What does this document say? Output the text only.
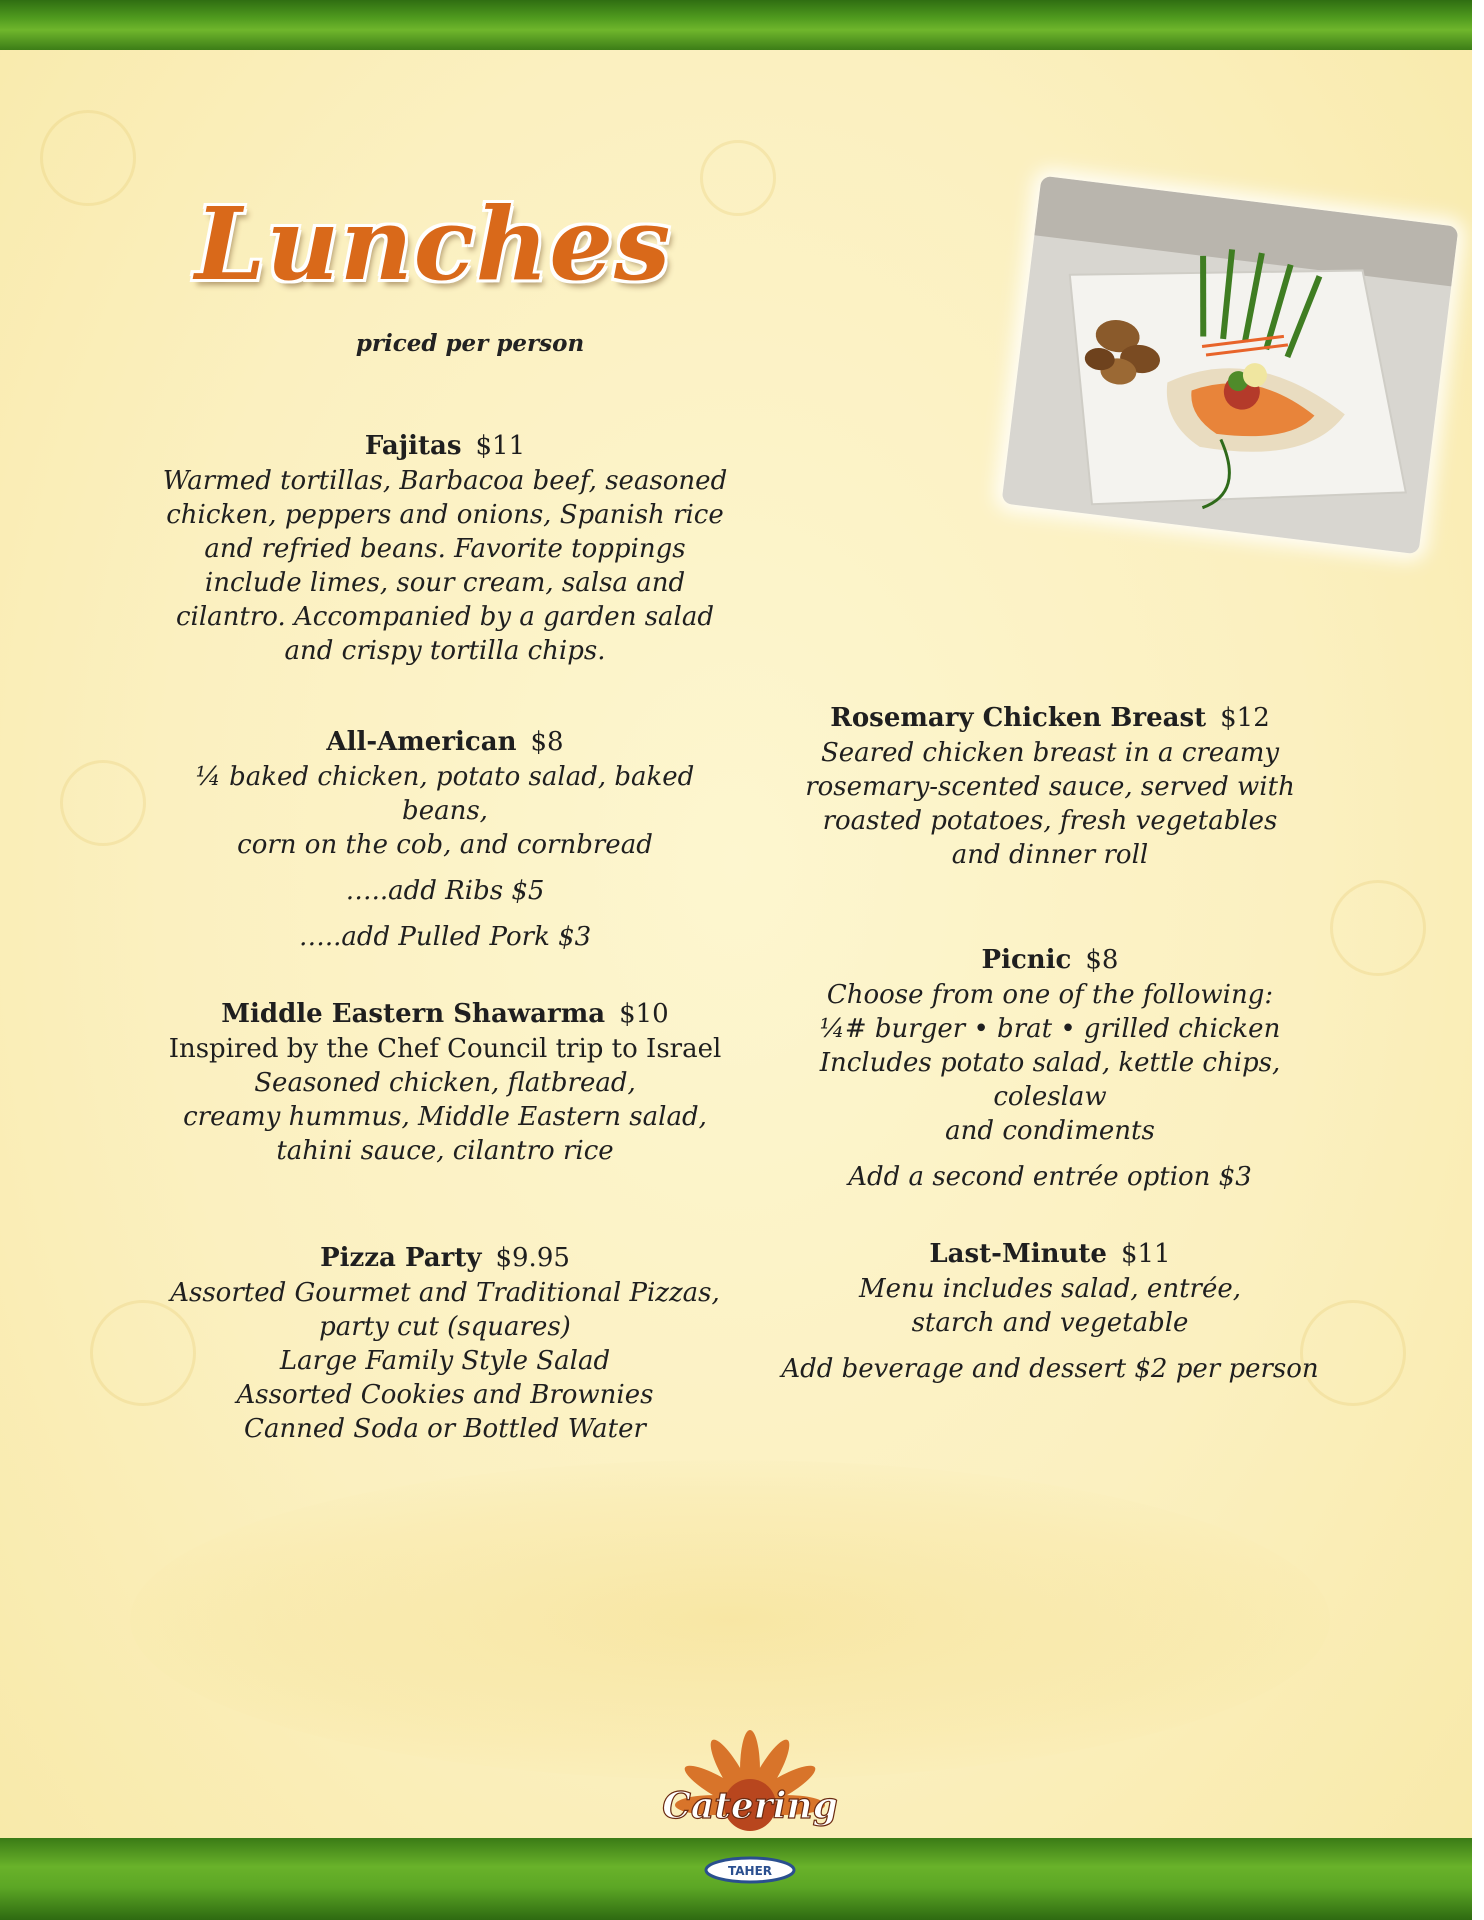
Lunches
priced per person
Fajitas $11
Warmed tortillas, Barbacoa beef, seasoned
chicken, peppers and onions, Spanish rice
and refried beans. Favorite toppings
include limes, sour cream, salsa and
cilantro. Accompanied by a garden salad
and crispy tortilla chips.
All-American $8
¼ baked chicken, potato salad, baked beans,
corn on the cob, and cornbread
…..add Ribs $5
…..add Pulled Pork $3
Middle Eastern Shawarma $10
Inspired by the Chef Council trip to Israel
Seasoned chicken, flatbread,
creamy hummus, Middle Eastern salad,
tahini sauce, cilantro rice
Pizza Party $9.95
Assorted Gourmet and Traditional Pizzas,
party cut (squares)
Large Family Style Salad
Assorted Cookies and Brownies
Canned Soda or Bottled Water
Rosemary Chicken Breast $12
Seared chicken breast in a creamy
rosemary-scented sauce, served with
roasted potatoes, fresh vegetables
and dinner roll
Picnic $8
Choose from one of the following:
¼# burger • brat • grilled chicken
Includes potato salad, kettle chips, coleslaw
and condiments
Add a second entrée option $3
Last-Minute $11
Menu includes salad, entrée,
starch and vegetable
Add beverage and dessert $2 per person
Catering
TAHER
